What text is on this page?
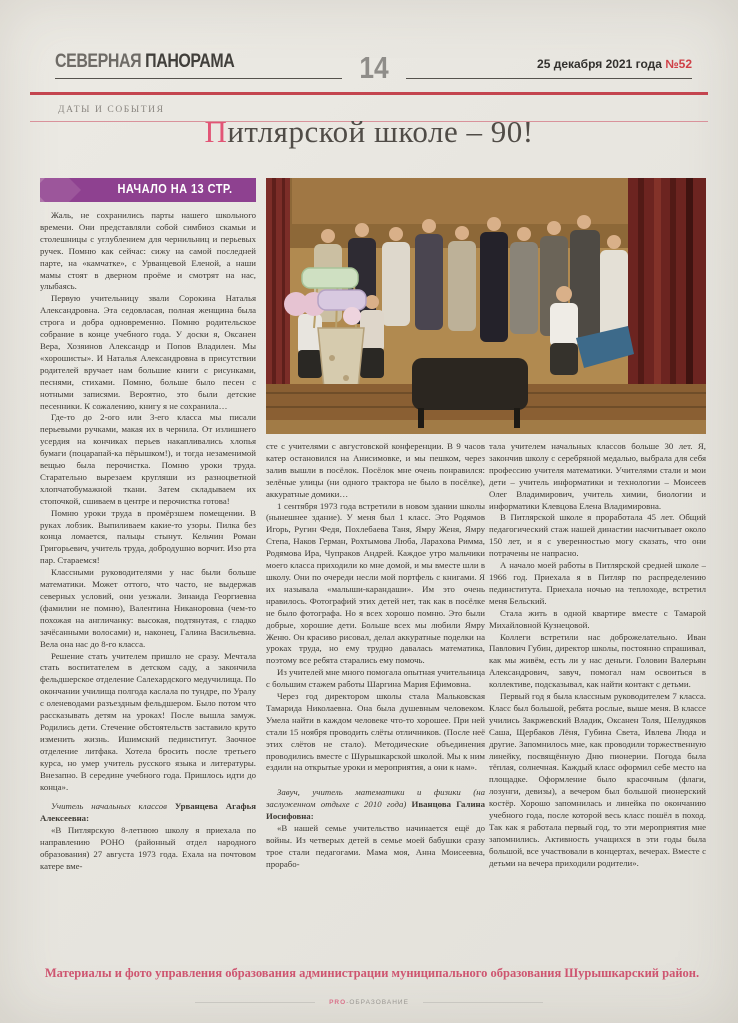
СЕВЕРНАЯ ПАНОРАМА	14	25 декабря 2021 года №52
ДАТЫ И СОБЫТИЯ
Питлярской школе – 90!
НАЧАЛО НА 13 СТР.

Жаль, не сохранились парты нашего школьного времени. Они представляли собой симбиоз скамьи и столешницы с углублением для чернильниц и перьевых ручек. Помню как сейчас: сижу на самой последней парте, на «камчатке», с Урванцевой Еленой, а наши мамы стоят в дверном проёме и смотрят на нас, улыбаясь.

Первую учительницу звали Сорокина Наталья Александровна. Эта седовласая, полная женщина была строга и добра одновременно. Помню родительское собрание в конце учебного года. У доски я, Оксанен Вера, Хозяинов Александр и Попов Владилен. Мы «хорошисты». И Наталья Александровна в присутствии родителей вручает нам большие книги с рисунками, песнями, стихами. Помню, больше было песен с нотными записями. Вероятно, это были детские песенники. К сожалению, книгу я не сохранила…

Где-то до 2-ого или 3-его класса мы писали перьевыми ручками, макая их в чернила. От излишнего усердия на кончиках перьев накапливались хлопья бумаги (поцарапай-ка пёрышком!), и тогда незаменимой вещью была перочистка. Помню уроки труда. Старательно вырезаем кругляши из разноцветной хлопчатобумажной ткани. Затем складываем их стопочкой, сшиваем в центре и перочистка готова!

Помню уроки труда в промёрзшем помещении. В руках лобзик. Выпиливаем какие-то узоры. Пилка без конца ломается, пальцы стынут. Кельчин Роман Григорьевич, учитель труда, добродушно ворчит. Изо рта пар. Стараемся!

Классными руководителями у нас были больше математики. Может оттого, что часто, не выдержав северных условий, они уезжали. Зинаида Георгиевна (фамилии не помню), Валентина Никаноровна (чем-то похожая на англичанку: высокая, подтянутая, с гладко зачёсанными волосами) и, наконец, Галина Васильевна. Вела она нас до 8-го класса.

Решение стать учителем пришло не сразу. Мечтала стать воспитателем в детском саду, а закончила фельдшерское отделение Салехардского медучилища. По окончании училища полгода каслала по тундре, по Уралу с оленеводами разъездным фельдшером. Было потом что рассказывать детям на уроках! После вышла замуж. Родились дети. Стечение обстоятельств заставило круто изменить жизнь. Ишимский пединститут. Заочное отделение литфака. Хотела бросить после третьего курса, но умер учитель русского языка и литературы. Внезапно. В середине учебного года. Пришлось идти до конца».

Учитель начальных классов Урванцева Агафья Алексеевна:

«В Питлярскую 8-летнюю школу я приехала по направлению РОНО (районный отдел народного образования) 27 августа 1973 года. Ехала на почтовом катере вме-

сте с учителями с августовской конференции. В 9 часов катер остановился на Анисимовке, и мы пешком, через залив вышли в посёлок. Посёлок мне очень понравился: зелёные улицы (ни одного трактора не было в посёлке), аккуратные домики…

1 сентября 1973 года встретили в новом здании школы (нынешнее здание). У меня был 1 класс. Это Родямов Игорь, Ругин Федя, Похлебаева Таня, Ямру Женя, Ямру Степа, Наков Герман, Рохтымова Люба, Ларахова Римма, Родямова Ира, Чупраков Андрей. Каждое утро мальчики моего класса приходили ко мне домой, и мы вместе шли в школу. Они по очереди несли мой портфель с книгами. Я их называла «малыши-карандаши». Им это очень нравилось. Фотографий этих детей нет, так как в посёлке не было фотографа. Но я всех хорошо помню. Это были добрые, хорошие дети. Больше всех мы любили Ямру Женю. Он красиво рисовал, делал аккуратные поделки на уроках труда, но ему трудно давалась математика, поэтому все ребята старались ему помочь.

Из учителей мне много помогала опытная учительница с большим стажем работы Шаргина Мария Ефимовна.

Через год директором школы стала Мальковская Тамарида Николаевна. Она была душевным человеком. Умела найти в каждом человеке что-то хорошее. При ней стали 15 ноября проводить слёты отличников. (После неё этих слётов не стало). Методические объединения проводились вместе с Шурышкарской школой. Мы к ним ездили на открытые уроки и мероприятия, а они к нам».

Завуч, учитель математики и физики (на заслуженном отдыхе с 2010 года) Иванцова Галина Иосифовна:

«В нашей семье учительство начинается ещё до войны. Из четверых детей в семье моей бабушки сразу трое стали педагогами. Мама моя, Анна Моисеевна, прорабо-

тала учителем начальных классов больше 30 лет. Я, закончив школу с серебряной медалью, выбрала для себя профессию учителя математики. Учителями стали и мои дети – учитель информатики и технологии – Моисеев Олег Владимирович, учитель химии, биологии и информатики Клевцова Елена Владимировна.

В Питлярской школе я проработала 45 лет. Общий педагогический стаж нашей династии насчитывает около 150 лет, и я с уверенностью могу сказать, что они потрачены не напрасно.

А начало моей работы в Питлярской средней школе – 1966 год. Приехала я в Питляр по распределению пединститута. Приехала ночью на теплоходе, встретил меня Бельский.

Стала жить в одной квартире вместе с Тамарой Михайловной Кузнецовой.

Коллеги встретили нас доброжелательно. Иван Павлович Губин, директор школы, постоянно спрашивал, как мы живём, есть ли у нас деньги. Головин Валерьян Александрович, завуч, помогал нам освоиться в коллективе, подсказывал, как найти контакт с детьми.

Первый год я была классным руководителем 7 класса. Класс был большой, ребята рослые, выше меня. В классе учились Закржевский Владик, Оксанен Толя, Шелудяков Саша, Щербаков Лёня, Губина Света, Ивлева Люда и другие. Запомнилось мне, как проводили торжественную линейку, посвящённую Дню пионерии. Погода была тёплая, солнечная. Каждый класс оформил себе место на площадке. Оформление было красочным (флаги, лозунги, девизы), а вечером был большой пионерский костёр. Хорошо запомнилась и линейка по окончанию учебного года, после которой весь класс пошёл в поход. Так как я работала первый год, то эти мероприятия мне запомнились. Активность учащихся в эти годы была большой, все участвовали в концертах, вечерах. Вместе с детьми на вечера приходили родители».

Материалы и фото управления образования администрации муниципального образования Шурышкарский район.
PRO-ОБРАЗОВАНИЕ
